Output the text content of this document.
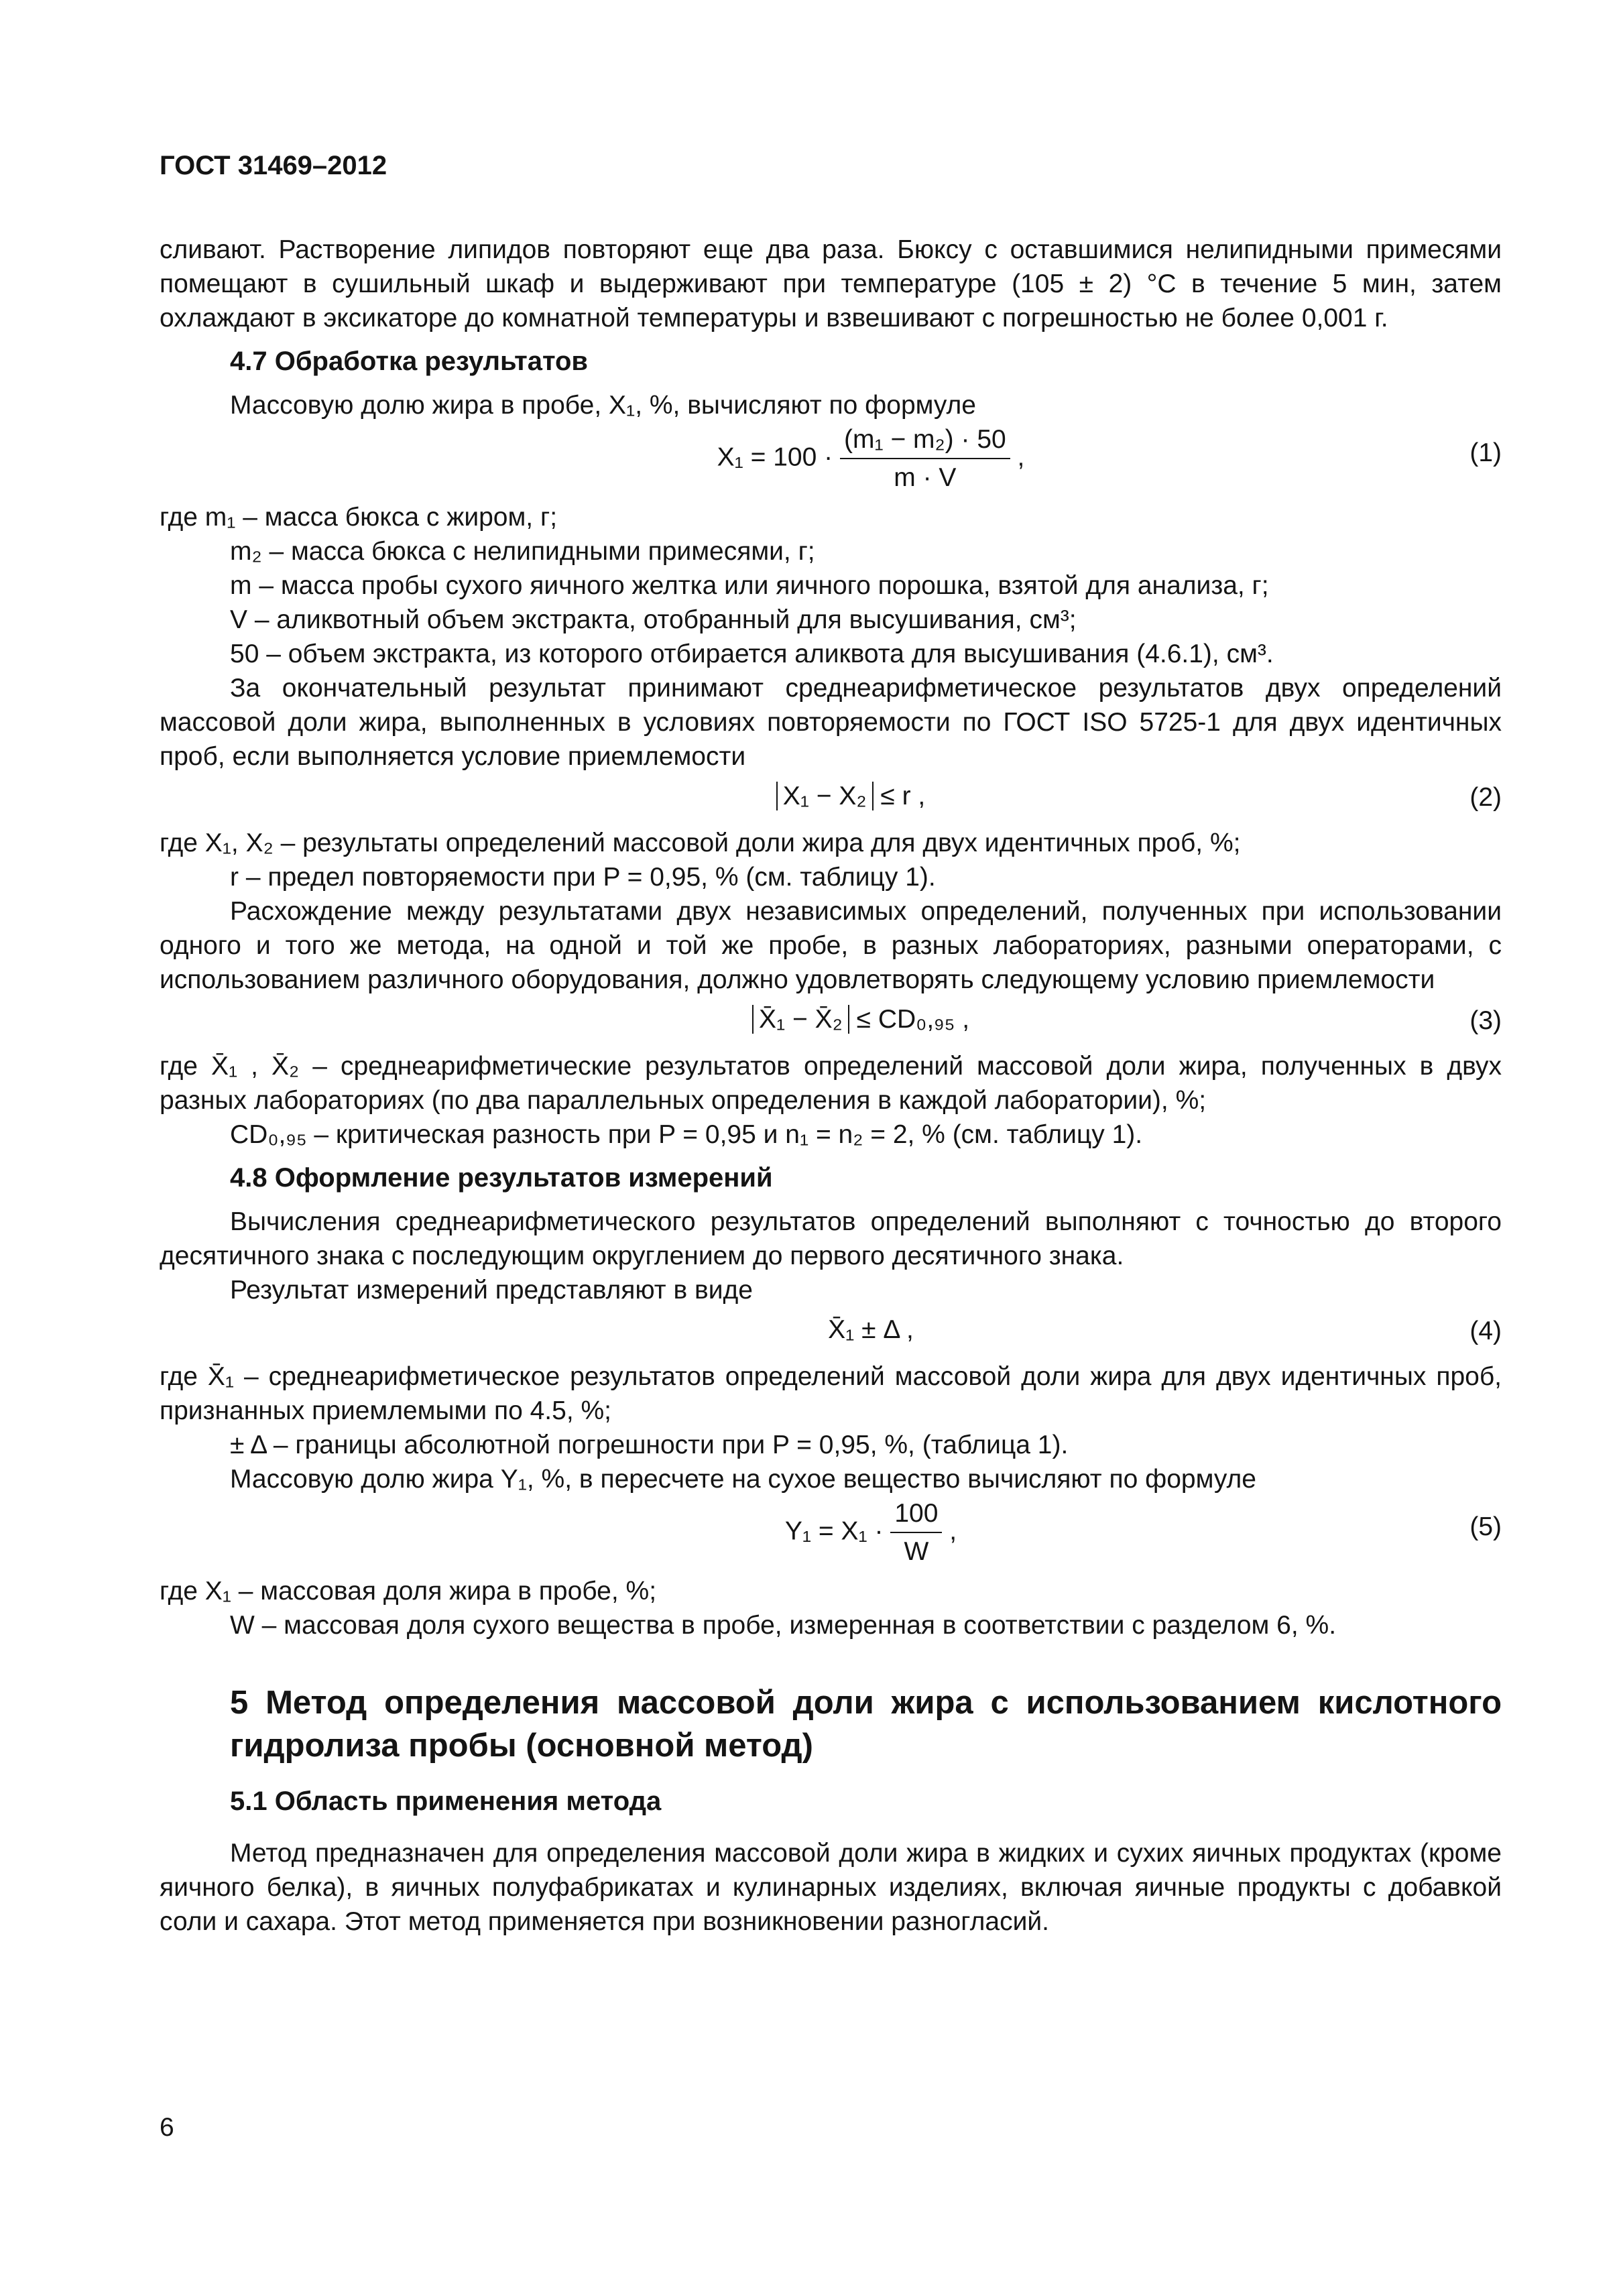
ГОСТ 31469–2012

сливают. Растворение липидов повторяют еще два раза. Бюксу с оставшимися нелипидными примесями помещают в сушильный шкаф и выдерживают при температуре (105 ± 2) °С в течение 5 мин, затем охлаждают в эксикаторе до комнатной температуры и взвешивают с погрешностью не более 0,001 г.

4.7 Обработка результатов

Массовую долю жира в пробе, X₁, %, вычисляют по формуле

$X_1 = 100 \cdot \frac{\text{(m₁ − m₂) · 50}}{m \cdot V}$ ,	(1)

где m₁ – масса бюкса с жиром, г;

m₂ – масса бюкса с нелипидными примесями, г;

m – масса пробы сухого яичного желтка или яичного порошка, взятой для анализа, г;

V – аликвотный объем экстракта, отобранный для высушивания, см³;

50 – объем экстракта, из которого отбирается аликвота для высушивания (4.6.1), см³.

За окончательный результат принимают среднеарифметическое результатов двух определений массовой доли жира, выполненных в условиях повторяемости по ГОСТ ISO 5725-1 для двух идентичных проб, если выполняется условие приемлемости

X₁ − X₂ ≤ r ,	(2)

где X₁, X₂ – результаты определений массовой доли жира для двух идентичных проб, %;

r – предел повторяемости при P = 0,95, % (см. таблицу 1).

Расхождение между результатами двух независимых определений, полученных при использовании одного и того же метода, на одной и той же пробе, в разных лабораториях, разными операторами, с использованием различного оборудования, должно удовлетворять следующему условию приемлемости

X̄₁ − X̄₂ ≤ CD₀,₉₅ ,	(3)

где X̄₁ , X̄₂ – среднеарифметические результатов определений массовой доли жира, полученных в двух разных лабораториях (по два параллельных определения в каждой лаборатории), %;

CD₀,₉₅ – критическая разность при P = 0,95 и n₁ = n₂ = 2, % (см. таблицу 1).

4.8 Оформление результатов измерений

Вычисления среднеарифметического результатов определений выполняют с точностью до второго десятичного знака с последующим округлением до первого десятичного знака.

Результат измерений представляют в виде

X̄₁ ± Δ ,	(4)

где X̄₁ – среднеарифметическое результатов определений массовой доли жира для двух идентичных проб, признанных приемлемыми по 4.5, %;

± Δ – границы абсолютной погрешности при P = 0,95, %, (таблица 1).

Массовую долю жира Y₁, %, в пересчете на сухое вещество вычисляют по формуле

$Y_1 = X_1 \cdot \frac{100}{W}$ ,	(5)

где X₁ – массовая доля жира в пробе, %;

W – массовая доля сухого вещества в пробе, измеренная в соответствии с разделом 6, %.

5 Метод определения массовой доли жира с использованием кислотного гидролиза пробы (основной метод)

5.1 Область применения метода

Метод предназначен для определения массовой доли жира в жидких и сухих яичных продуктах (кроме яичного белка), в яичных полуфабрикатах и кулинарных изделиях, включая яичные продукты с добавкой соли и сахара. Этот метод применяется при возникновении разногласий.

6
